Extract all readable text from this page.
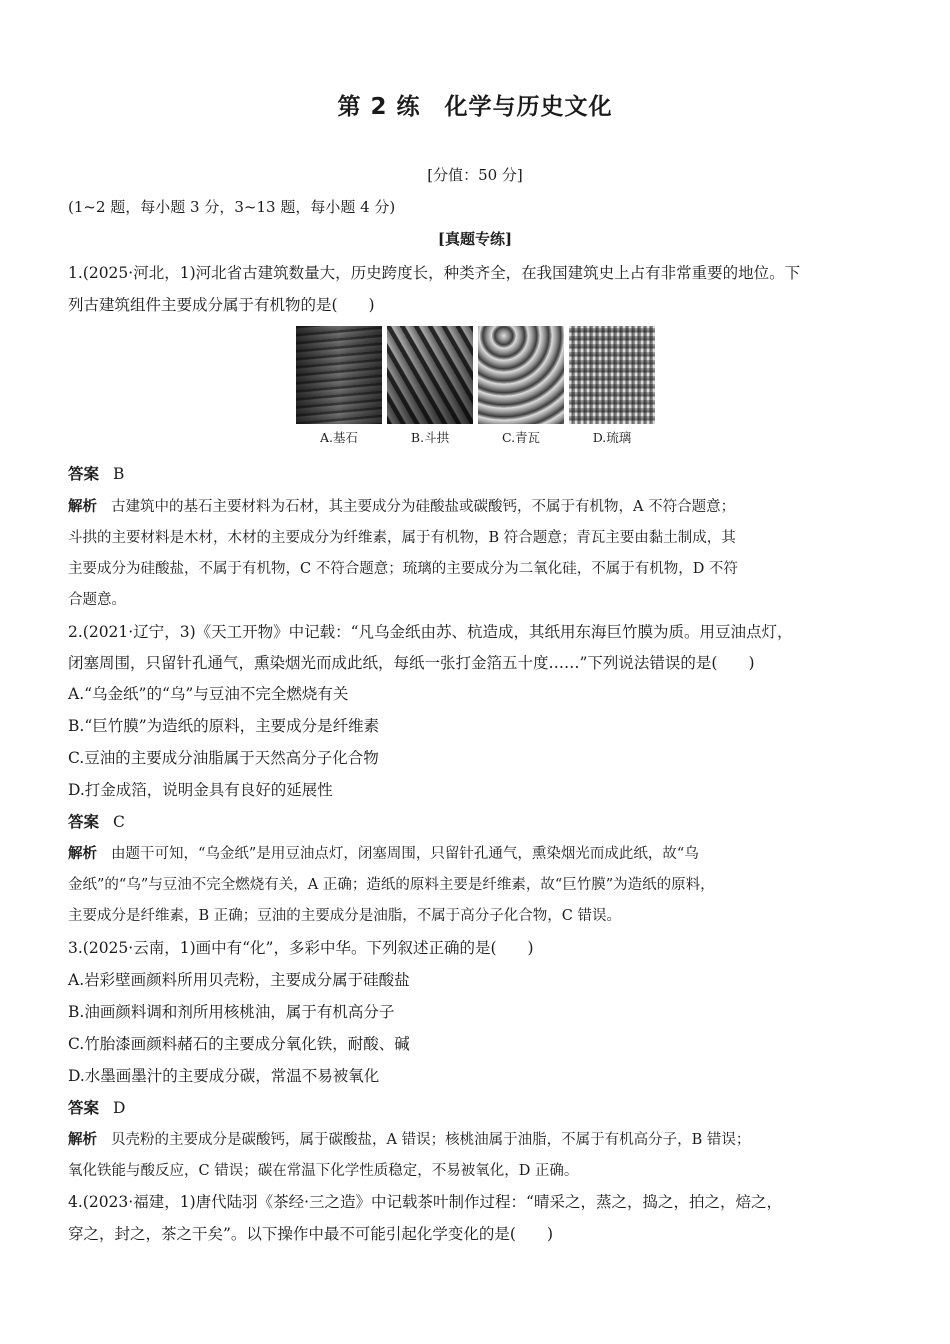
第 2 练　化学与历史文化
[分值：50 分]
(1~2 题，每小题 3 分，3~13 题，每小题 4 分)
[真题专练]
1.(2025·河北，1)河北省古建筑数量大，历史跨度长，种类齐全，在我国建筑史上占有非常重要的地位。下
列古建筑组件主要成分属于有机物的是(　　)
A.基石	B.斗拱	C.青瓦	D.琉璃
答案 B
解析 古建筑中的基石主要材料为石材，其主要成分为硅酸盐或碳酸钙，不属于有机物，A 不符合题意；
斗拱的主要材料是木材，木材的主要成分为纤维素，属于有机物，B 符合题意；青瓦主要由黏土制成，其
主要成分为硅酸盐，不属于有机物，C 不符合题意；琉璃的主要成分为二氧化硅，不属于有机物，D 不符
合题意。
2.(2021·辽宁，3)《天工开物》中记载：“凡乌金纸由苏、杭造成，其纸用东海巨竹膜为质。用豆油点灯，
闭塞周围，只留针孔通气，熏染烟光而成此纸，每纸一张打金箔五十度……”下列说法错误的是(　　)
A.“乌金纸”的“乌”与豆油不完全燃烧有关
B.“巨竹膜”为造纸的原料，主要成分是纤维素
C.豆油的主要成分油脂属于天然高分子化合物
D.打金成箔，说明金具有良好的延展性
答案 C
解析 由题干可知，“乌金纸”是用豆油点灯，闭塞周围，只留针孔通气，熏染烟光而成此纸，故“乌
金纸”的“乌”与豆油不完全燃烧有关，A 正确；造纸的原料主要是纤维素，故“巨竹膜”为造纸的原料，
主要成分是纤维素，B 正确；豆油的主要成分是油脂，不属于高分子化合物，C 错误。
3.(2025·云南，1)画中有“化”，多彩中华。下列叙述正确的是(　　)
A.岩彩壁画颜料所用贝壳粉，主要成分属于硅酸盐
B.油画颜料调和剂所用核桃油，属于有机高分子
C.竹胎漆画颜料赭石的主要成分氧化铁，耐酸、碱
D.水墨画墨汁的主要成分碳，常温不易被氧化
答案 D
解析 贝壳粉的主要成分是碳酸钙，属于碳酸盐，A 错误；核桃油属于油脂，不属于有机高分子，B 错误；
氧化铁能与酸反应，C 错误；碳在常温下化学性质稳定，不易被氧化，D 正确。
4.(2023·福建，1)唐代陆羽《茶经·三之造》中记载茶叶制作过程：“晴采之，蒸之，捣之，拍之，焙之，
穿之，封之，茶之干矣”。以下操作中最不可能引起化学变化的是(　　)
